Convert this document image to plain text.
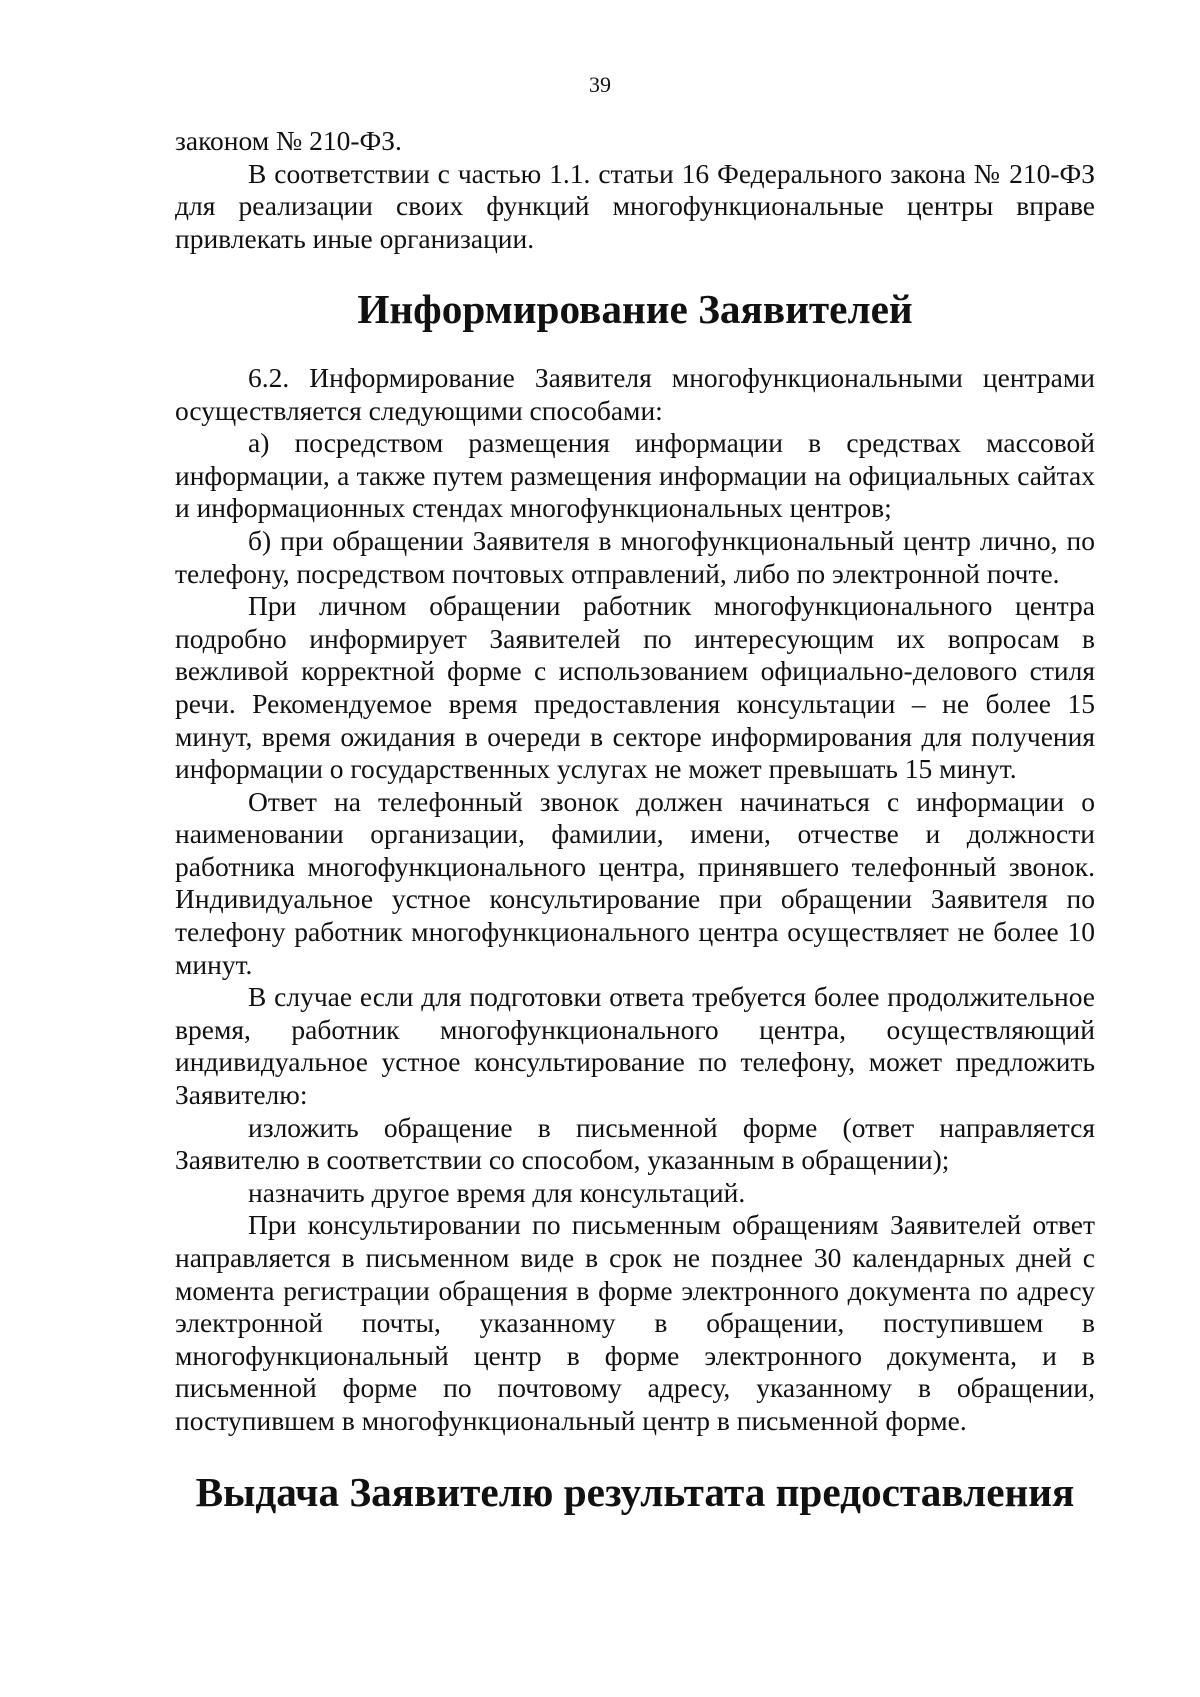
39

законом № 210-ФЗ.

В соответствии с частью 1.1. статьи 16 Федерального закона № 210-ФЗ для реализации своих функций многофункциональные центры вправе привлекать иные организации.

Информирование Заявителей

6.2. Информирование Заявителя многофункциональными центрами осуществляется следующими способами:

а) посредством размещения информации в средствах массовой информации, а также путем размещения информации на официальных сайтах и информационных стендах многофункциональных центров;

б) при обращении Заявителя в многофункциональный центр лично, по телефону, посредством почтовых отправлений, либо по электронной почте.

При личном обращении работник многофункционального центра подробно информирует Заявителей по интересующим их вопросам в вежливой корректной форме с использованием официально-делового стиля речи. Рекомендуемое время предоставления консультации – не более 15 минут, время ожидания в очереди в секторе информирования для получения информации о государственных услугах не может превышать 15 минут.

Ответ на телефонный звонок должен начинаться с информации о наименовании организации, фамилии, имени, отчестве и должности работника многофункционального центра, принявшего телефонный звонок. Индивидуальное устное консультирование при обращении Заявителя по телефону работник многофункционального центра осуществляет не более 10 минут.

В случае если для подготовки ответа требуется более продолжительное время, работник многофункционального центра, осуществляющий индивидуальное устное консультирование по телефону, может предложить Заявителю:

изложить обращение в письменной форме (ответ направляется Заявителю в соответствии со способом, указанным в обращении);

назначить другое время для консультаций.

При консультировании по письменным обращениям Заявителей ответ направляется в письменном виде в срок не позднее 30 календарных дней с момента регистрации обращения в форме электронного документа по адресу электронной почты, указанному в обращении, поступившем в многофункциональный центр в форме электронного документа, и в письменной форме по почтовому адресу, указанному в обращении, поступившем в многофункциональный центр в письменной форме.

Выдача Заявителю результата предоставления
